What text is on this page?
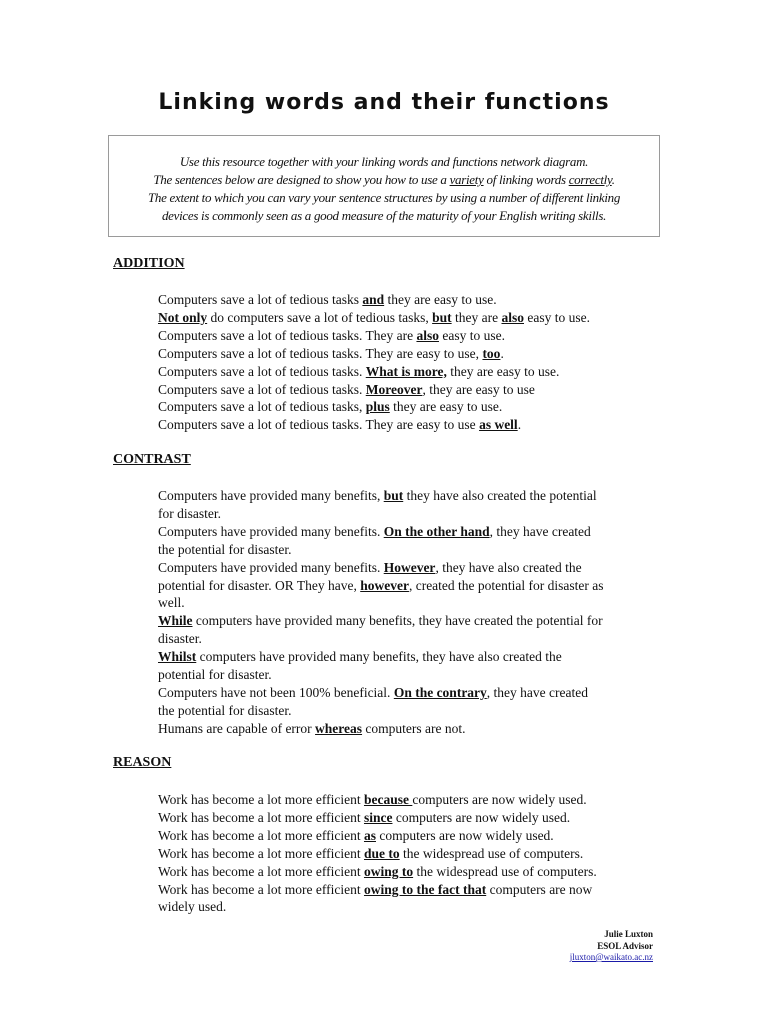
Linking words and their functions
Use this resource together with your linking words and functions network diagram.
The sentences below are designed to show you how to use a variety of linking words correctly.
The extent to which you can vary your sentence structures by using a number of different linking
devices is commonly seen as a good measure of the maturity of your English writing skills.
ADDITION
Computers save a lot of tedious tasks and they are easy to use.
Not only do computers save a lot of tedious tasks, but they are also easy to use.
Computers save a lot of tedious tasks. They are also easy to use.
Computers save a lot of tedious tasks. They are easy to use, too.
Computers save a lot of tedious tasks. What is more, they are easy to use.
Computers save a lot of tedious tasks. Moreover, they are easy to use
Computers save a lot of tedious tasks, plus they are easy to use.
Computers save a lot of tedious tasks. They are easy to use as well.
CONTRAST
Computers have provided many benefits, but they have also created the potential
for disaster.
Computers have provided many benefits. On the other hand, they have created
the potential for disaster.
Computers have provided many benefits. However, they have also created the
potential for disaster. OR They have, however, created the potential for disaster as
well.
While computers have provided many benefits, they have created the potential for
disaster.
Whilst computers have provided many benefits, they have also created the
potential for disaster.
Computers have not been 100% beneficial. On the contrary, they have created
the potential for disaster.
Humans are capable of error whereas computers are not.
REASON
Work has become a lot more efficient because computers are now widely used.
Work has become a lot more efficient since computers are now widely used.
Work has become a lot more efficient as computers are now widely used.
Work has become a lot more efficient due to the widespread use of computers.
Work has become a lot more efficient owing to the widespread use of computers.
Work has become a lot more efficient owing to the fact that computers are now
widely used.
Julie Luxton
ESOL Advisor
jluxton@waikato.ac.nz
